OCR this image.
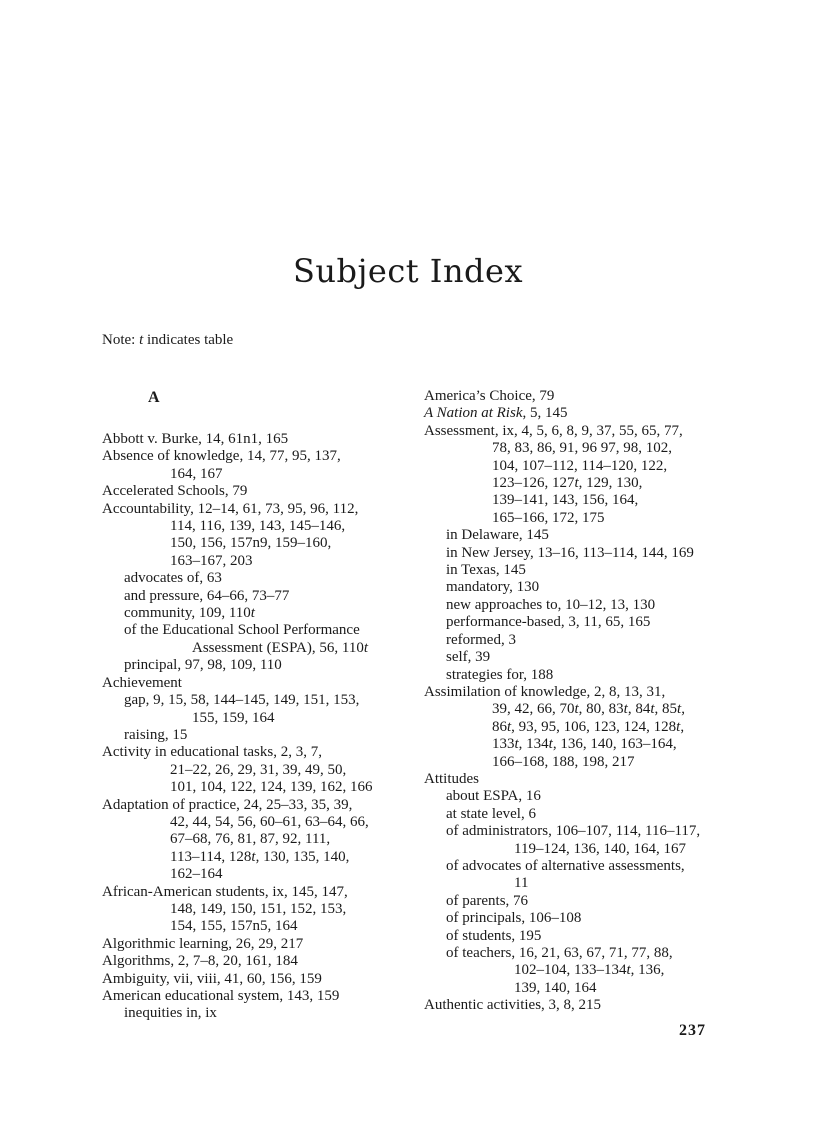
Subject Index
Note: t indicates table
A
Abbott v. Burke, 14, 61n1, 165
Absence of knowledge, 14, 77, 95, 137,
164, 167
Accelerated Schools, 79
Accountability, 12–14, 61, 73, 95, 96, 112,
114, 116, 139, 143, 145–146,
150, 156, 157n9, 159–160,
163–167, 203
advocates of, 63
and pressure, 64–66, 73–77
community, 109, 110t
of the Educational School Performance
Assessment (ESPA), 56, 110t
principal, 97, 98, 109, 110
Achievement
gap, 9, 15, 58, 144–145, 149, 151, 153,
155, 159, 164
raising, 15
Activity in educational tasks, 2, 3, 7,
21–22, 26, 29, 31, 39, 49, 50,
101, 104, 122, 124, 139, 162, 166
Adaptation of practice, 24, 25–33, 35, 39,
42, 44, 54, 56, 60–61, 63–64, 66,
67–68, 76, 81, 87, 92, 111,
113–114, 128t, 130, 135, 140,
162–164
African-American students, ix, 145, 147,
148, 149, 150, 151, 152, 153,
154, 155, 157n5, 164
Algorithmic learning, 26, 29, 217
Algorithms, 2, 7–8, 20, 161, 184
Ambiguity, vii, viii, 41, 60, 156, 159
American educational system, 143, 159
inequities in, ix
America’s Choice, 79
A Nation at Risk, 5, 145
Assessment, ix, 4, 5, 6, 8, 9, 37, 55, 65, 77,
78, 83, 86, 91, 96 97, 98, 102,
104, 107–112, 114–120, 122,
123–126, 127t, 129, 130,
139–141, 143, 156, 164,
165–166, 172, 175
in Delaware, 145
in New Jersey, 13–16, 113–114, 144, 169
in Texas, 145
mandatory, 130
new approaches to, 10–12, 13, 130
performance-based, 3, 11, 65, 165
reformed, 3
self, 39
strategies for, 188
Assimilation of knowledge, 2, 8, 13, 31,
39, 42, 66, 70t, 80, 83t, 84t, 85t,
86t, 93, 95, 106, 123, 124, 128t,
133t, 134t, 136, 140, 163–164,
166–168, 188, 198, 217
Attitudes
about ESPA, 16
at state level, 6
of administrators, 106–107, 114, 116–117,
119–124, 136, 140, 164, 167
of advocates of alternative assessments,
11
of parents, 76
of principals, 106–108
of students, 195
of teachers, 16, 21, 63, 67, 71, 77, 88,
102–104, 133–134t, 136,
139, 140, 164
Authentic activities, 3, 8, 215
237
